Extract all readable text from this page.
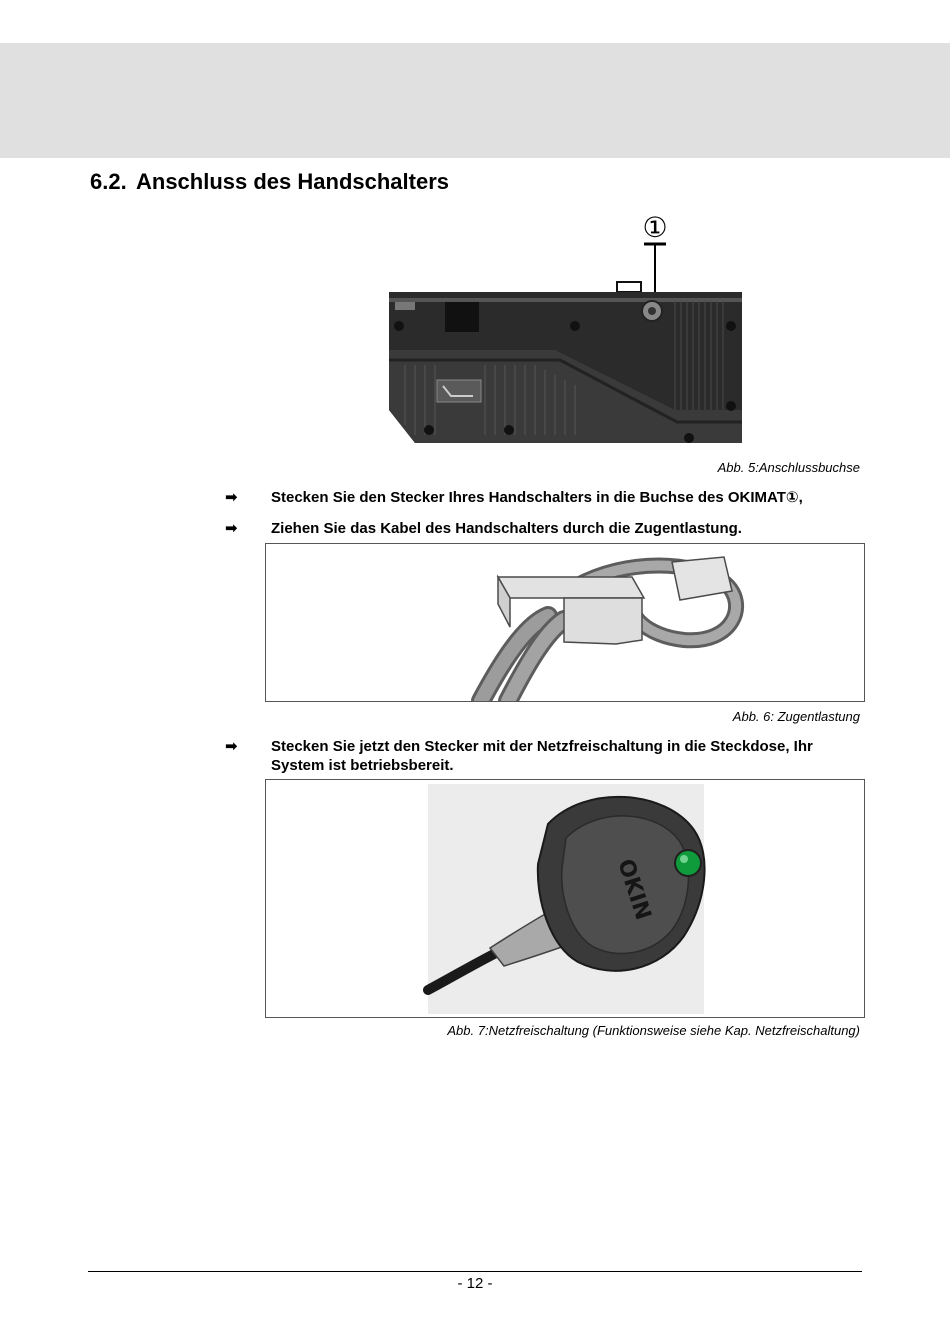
6.2. Anschluss des Handschalters
①
Abb. 5:Anschlussbuchse
➡	Stecken Sie den Stecker Ihres Handschalters in die Buchse des OKIMAT①,
➡	Ziehen Sie das Kabel des Handschalters durch die Zugentlastung.
Abb. 6: Zugentlastung
➡	Stecken Sie jetzt den Stecker mit der Netzfreischaltung in die Steckdose, Ihr System ist betriebsbereit.
OKIN
Abb. 7:Netzfreischaltung (Funktionsweise siehe Kap. Netzfreischaltung)
- 12 -
